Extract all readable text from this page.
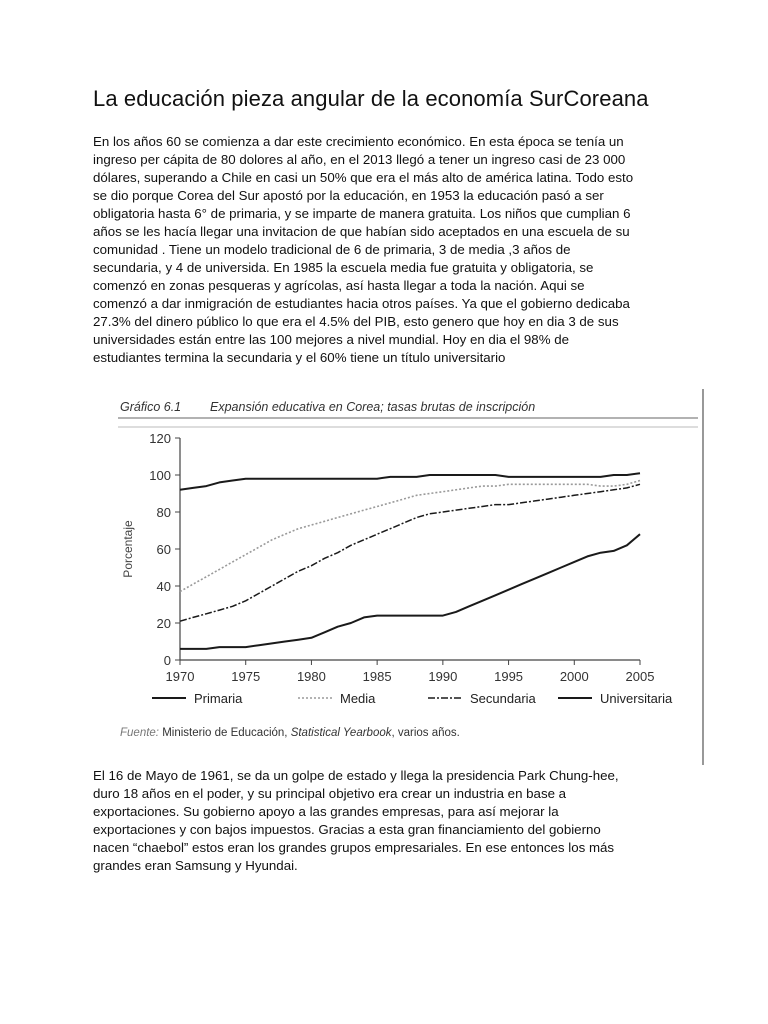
La educación pieza angular de la economía SurCoreana
En los años 60 se comienza a dar este crecimiento económico. En esta época se tenía un
ingreso per cápita de 80 dolores al año, en el 2013 llegó a tener un ingreso casi de 23 000
dólares, superando a Chile en casi un 50% que era el más alto de américa latina. Todo esto
se dio porque Corea del Sur apostó por la educación, en 1953 la educación pasó a ser
obligatoria hasta 6° de primaria, y se imparte de manera gratuita. Los niños que cumplian 6
años se les hacía llegar una invitacion de que habían sido aceptados en una escuela de su
comunidad . Tiene un modelo tradicional de 6 de primaria, 3 de media ,3 años de
secundaria, y 4 de universida. En 1985 la escuela media fue gratuita y obligatoria, se
comenzó en zonas pesqueras y agrícolas, así hasta llegar a toda la nación. Aqui se
comenzó a dar inmigración de estudiantes hacia otros países. Ya que el gobierno dedicaba
27.3% del dinero público lo que era el 4.5% del PIB, esto genero que hoy en dia 3 de sus
universidades están entre las 100 mejores a nivel mundial. Hoy en dia el 98% de
estudiantes termina la secundaria y el 60% tiene un título universitario
Gráfico 6.1 Expansión educativa en Corea; tasas brutas de inscripción
0
20
40
60
80
100
120
1970	1975	1980	1985	1990	1995	2000	2005
Porcentaje
Primaria	Media	Secundaria	Universitaria
Fuente: Ministerio de Educación, Statistical Yearbook, varios años.
El 16 de Mayo de 1961, se da un golpe de estado y llega la presidencia Park Chung-hee,
duro 18 años en el poder, y su principal objetivo era crear un industria en base a
exportaciones. Su gobierno apoyo a las grandes empresas, para así mejorar la
exportaciones y con bajos impuestos. Gracias a esta gran financiamiento del gobierno
nacen “chaebol” estos eran los grandes grupos empresariales. En ese entonces los más
grandes eran Samsung y Hyundai.
